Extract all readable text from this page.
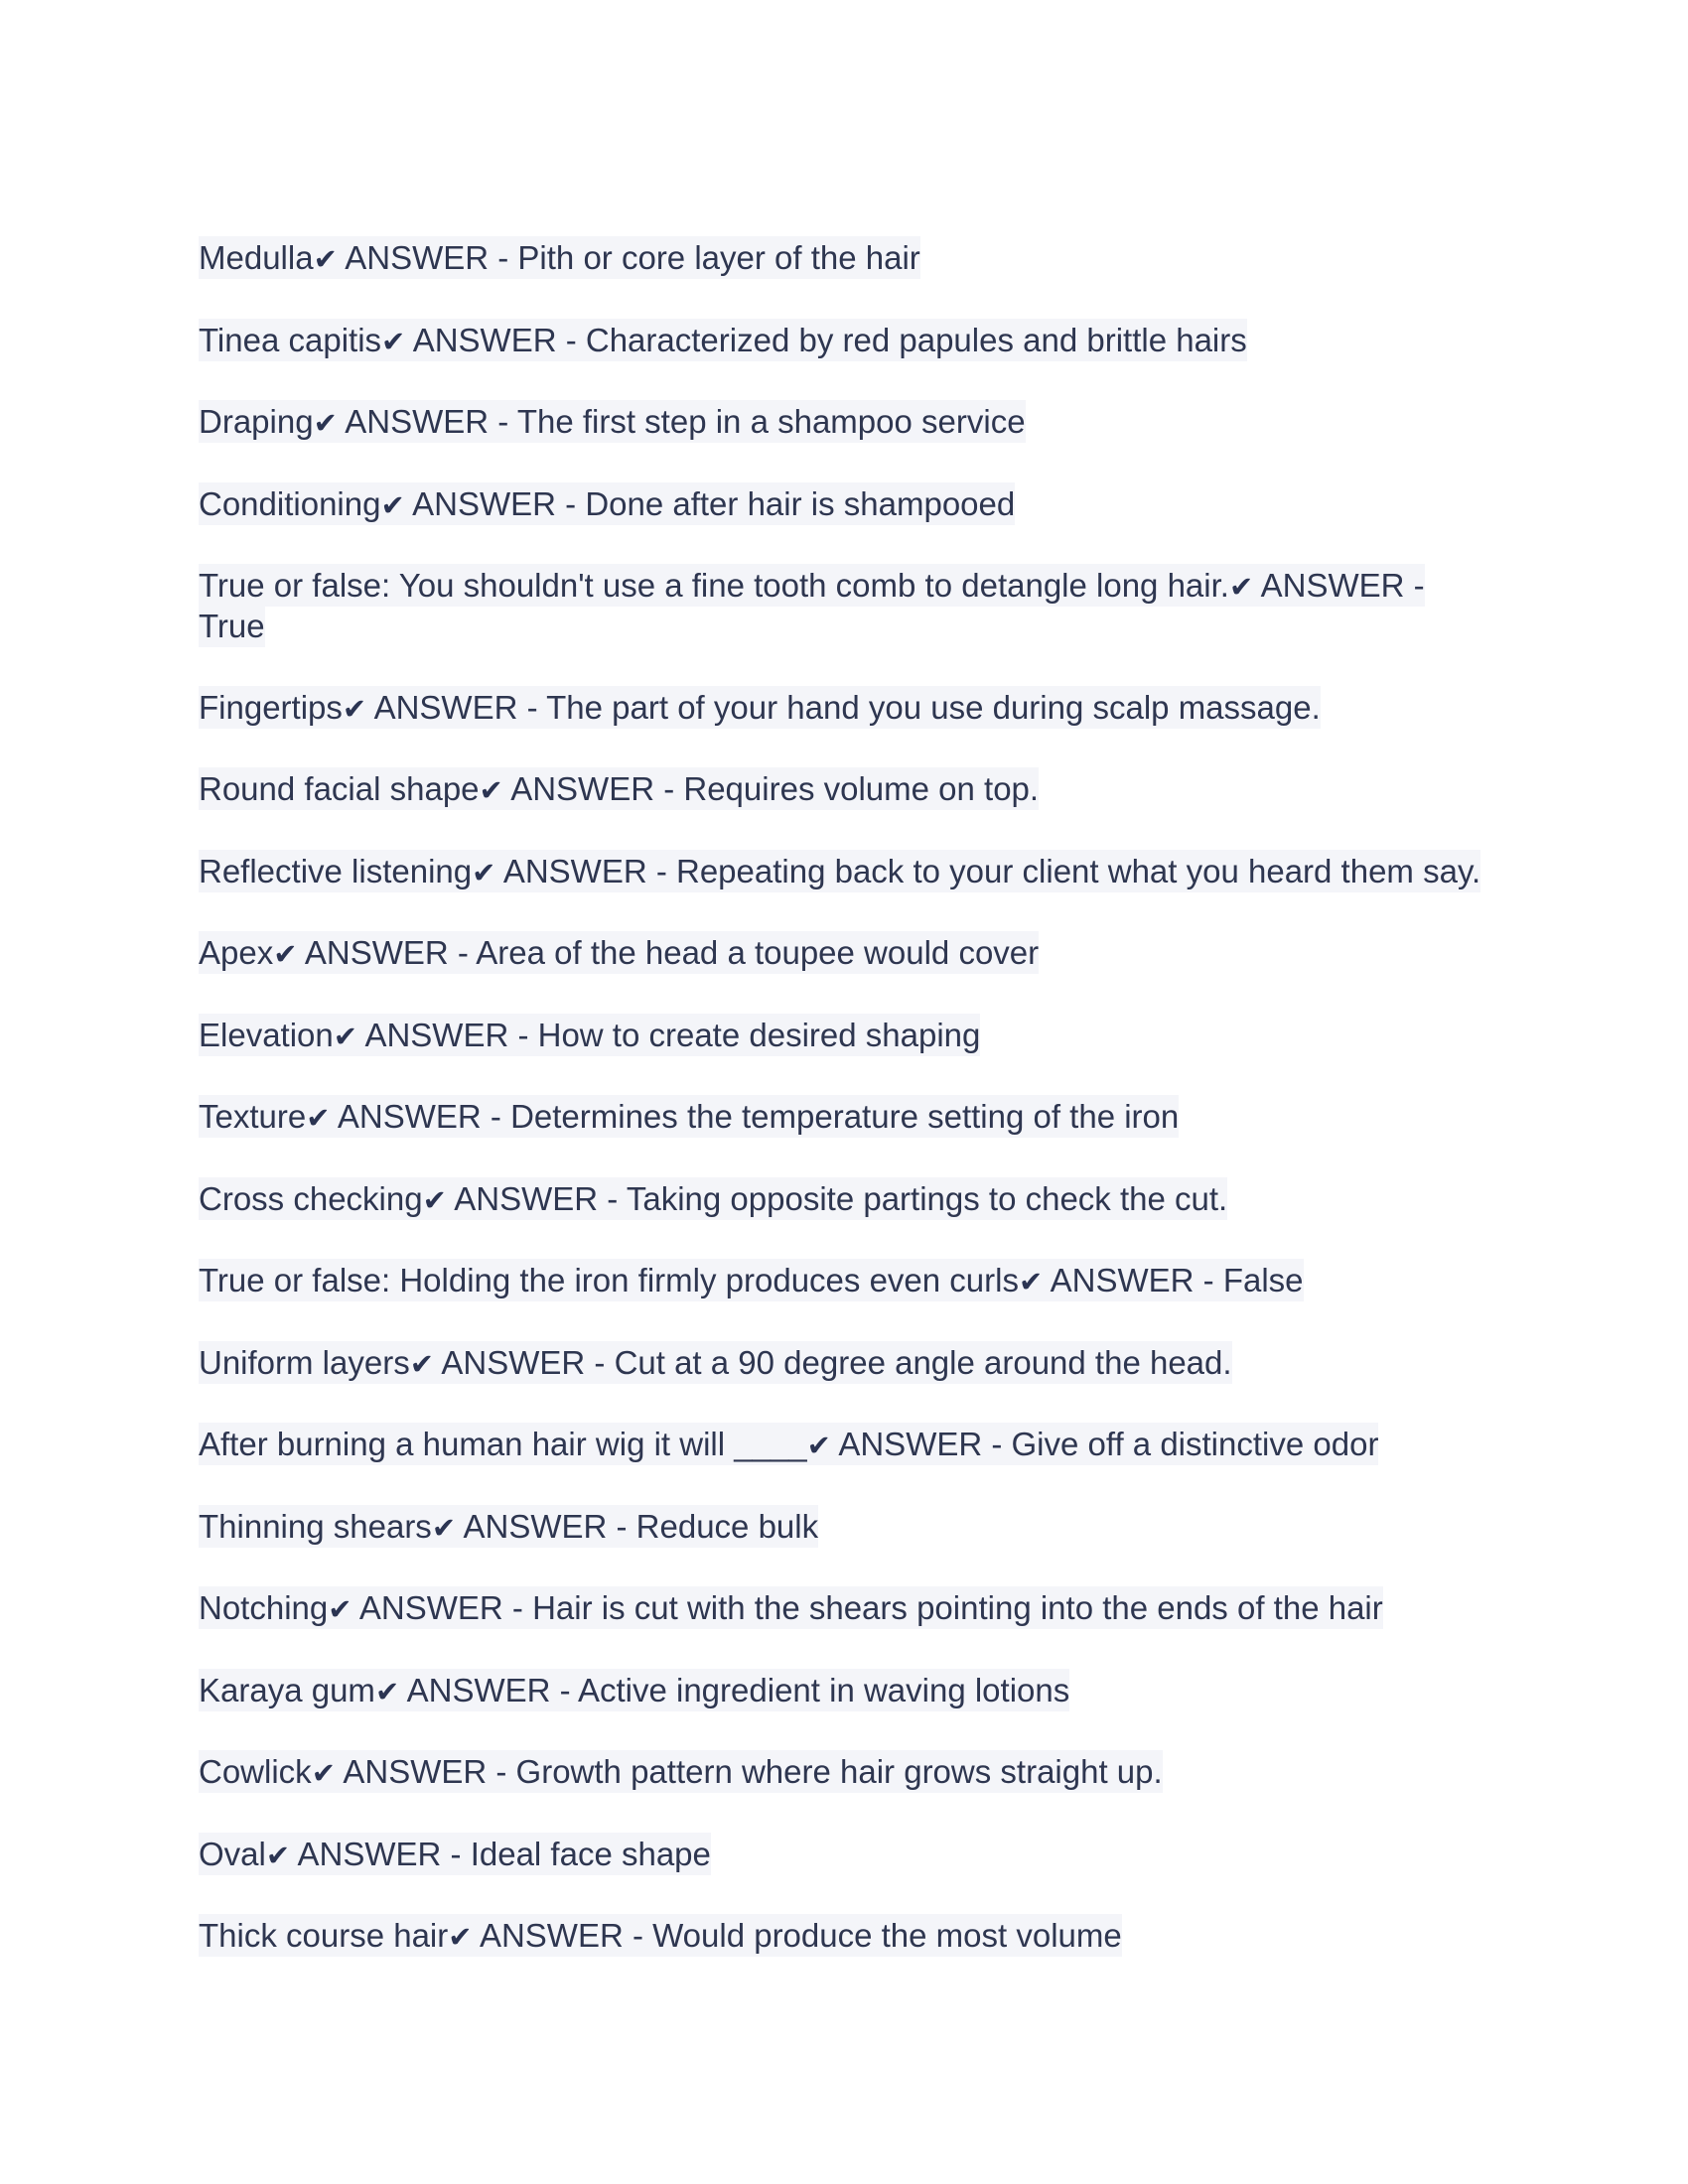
Medulla✔ ANSWER - Pith or core layer of the hair

Tinea capitis✔ ANSWER - Characterized by red papules and brittle hairs

Draping✔ ANSWER - The first step in a shampoo service

Conditioning✔ ANSWER - Done after hair is shampooed

True or false: You shouldn't use a fine tooth comb to detangle long hair.✔ ANSWER - True

Fingertips✔ ANSWER - The part of your hand you use during scalp massage.

Round facial shape✔ ANSWER - Requires volume on top.

Reflective listening✔ ANSWER - Repeating back to your client what you heard them say.

Apex✔ ANSWER - Area of the head a toupee would cover

Elevation✔ ANSWER - How to create desired shaping

Texture✔ ANSWER - Determines the temperature setting of the iron

Cross checking✔ ANSWER - Taking opposite partings to check the cut.

True or false: Holding the iron firmly produces even curls✔ ANSWER - False

Uniform layers✔ ANSWER - Cut at a 90 degree angle around the head.

After burning a human hair wig it will ____✔ ANSWER - Give off a distinctive odor

Thinning shears✔ ANSWER - Reduce bulk

Notching✔ ANSWER - Hair is cut with the shears pointing into the ends of the hair

Karaya gum✔ ANSWER - Active ingredient in waving lotions

Cowlick✔ ANSWER - Growth pattern where hair grows straight up.

Oval✔ ANSWER - Ideal face shape

Thick course hair✔ ANSWER - Would produce the most volume
